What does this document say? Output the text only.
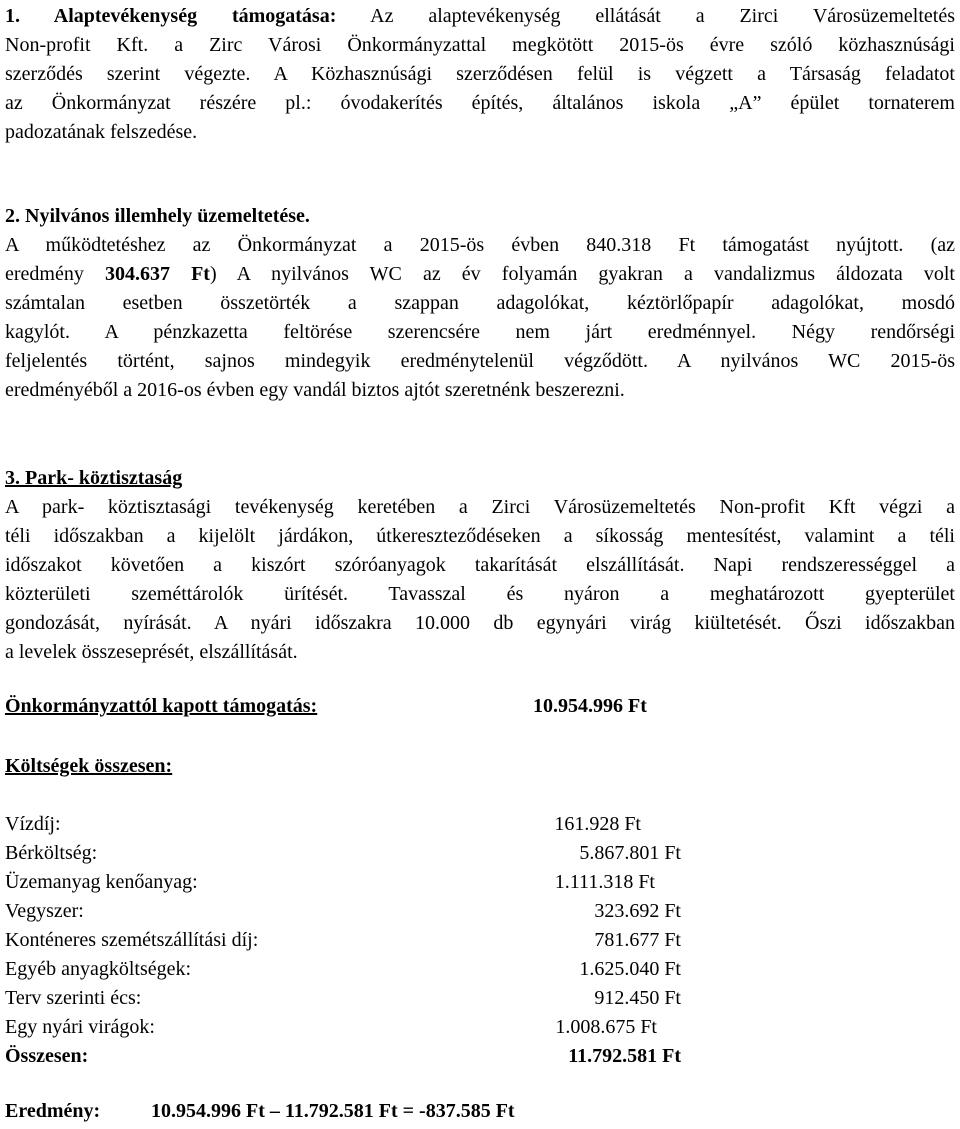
1. Alaptevékenység támogatása: Az alaptevékenység ellátását a Zirci Városüzemeltetés

Non-profit Kft. a Zirc Városi Önkormányzattal megkötött 2015-ös évre szóló közhasznúsági

szerződés szerint végezte. A Közhasznúsági szerződésen felül is végzett a Társaság feladatot

az Önkormányzat részére pl.: óvodakerítés építés, általános iskola „A” épület tornaterem

padozatának felszedése.

2. Nyilvános illemhely üzemeltetése.

A működtetéshez az Önkormányzat a 2015-ös évben 840.318 Ft támogatást nyújtott. (az

eredmény 304.637 Ft) A nyilvános WC az év folyamán gyakran a vandalizmus áldozata volt

számtalan esetben összetörték a szappan adagolókat, kéztörlőpapír adagolókat, mosdó

kagylót. A pénzkazetta feltörése szerencsére nem járt eredménnyel. Négy rendőrségi

feljelentés történt, sajnos mindegyik eredménytelenül végződött. A nyilvános WC 2015-ös

eredményéből a 2016-os évben egy vandál biztos ajtót szeretnénk beszerezni.

3. Park- köztisztaság

A park- köztisztasági tevékenység keretében a Zirci Városüzemeltetés Non-profit Kft végzi a

téli időszakban a kijelölt járdákon, útkereszteződéseken a síkosság mentesítést, valamint a téli

időszakot követően a kiszórt szóróanyagok takarítását elszállítását. Napi rendszerességgel a

közterületi szeméttárolók ürítését. Tavasszal és nyáron a meghatározott gyepterület

gondozását, nyírását. A nyári időszakra 10.000 db egynyári virág kiültetését. Őszi időszakban

a levelek összeseprését, elszállítását.

Önkormányzattól kapott támogatás:	10.954.996 Ft

Költségek összesen:

Vízdíj:	161.928 Ft
Bérköltség:	5.867.801 Ft
Üzemanyag kenőanyag:	1.111.318 Ft
Vegyszer:	323.692 Ft
Konténeres szemétszállítási díj:	781.677 Ft
Egyéb anyagköltségek:	1.625.040 Ft
Terv szerinti écs:	912.450 Ft
Egy nyári virágok:	1.008.675 Ft
Összesen:	11.792.581 Ft
Eredmény:	10.954.996 Ft – 11.792.581 Ft = -837.585 Ft
